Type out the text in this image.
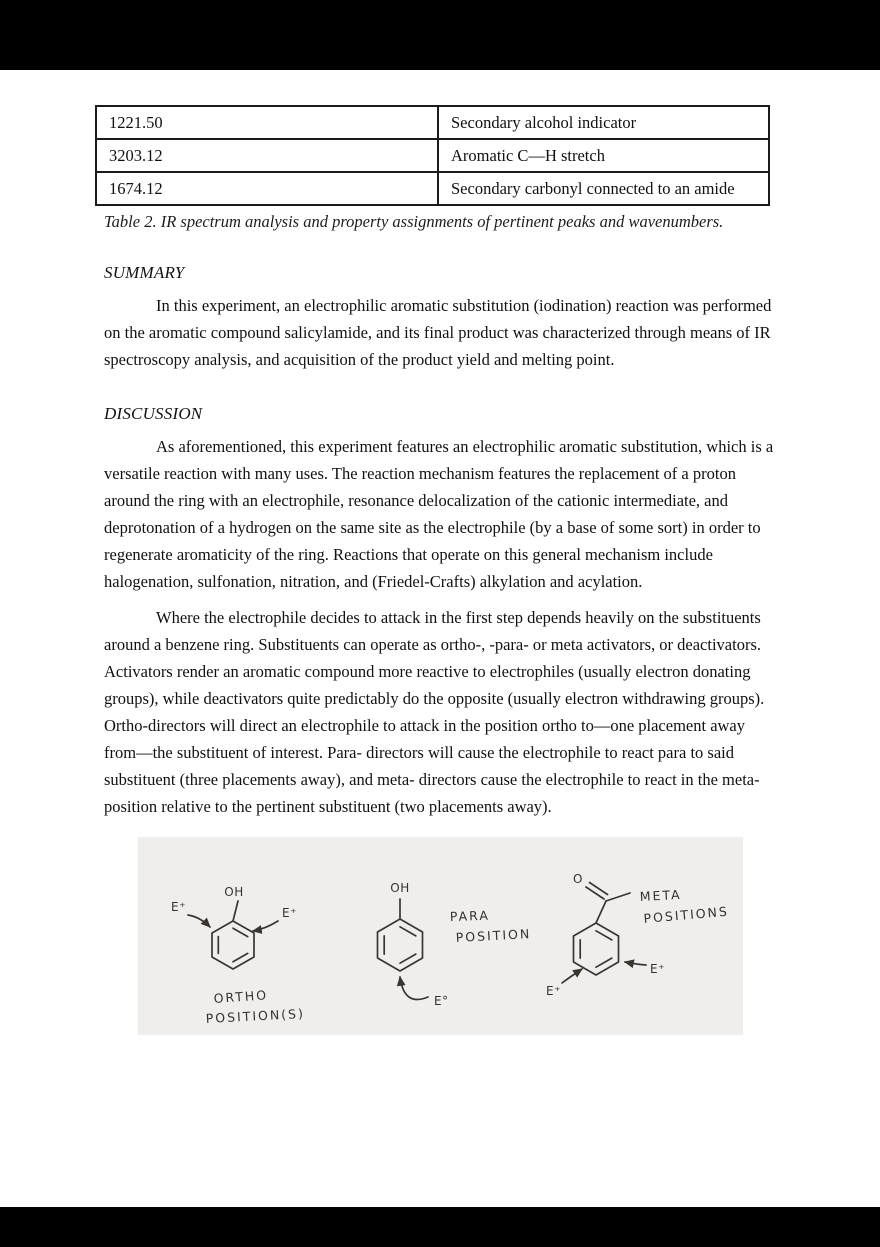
1221.50	Secondary alcohol indicator
3203.12	Aromatic C—H stretch
1674.12	Secondary carbonyl connected to an amide
Table 2. IR spectrum analysis and property assignments of pertinent peaks and wavenumbers.
SUMMARY

In this experiment, an electrophilic aromatic substitution (iodination) reaction was performed on the aromatic compound salicylamide, and its final product was characterized through means of IR spectroscopy analysis, and acquisition of the product yield and melting point.

DISCUSSION

As aforementioned, this experiment features an electrophilic aromatic substitution, which is a versatile reaction with many uses. The reaction mechanism features the replacement of a proton around the ring with an electrophile, resonance delocalization of the cationic intermediate, and deprotonation of a hydrogen on the same site as the electrophile (by a base of some sort) in order to regenerate aromaticity of the ring. Reactions that operate on this general mechanism include halogenation, sulfonation, nitration, and (Friedel-Crafts) alkylation and acylation.

Where the electrophile decides to attack in the first step depends heavily on the substituents around a benzene ring. Substituents can operate as ortho-, -para- or meta activators, or deactivators. Activators render an aromatic compound more reactive to electrophiles (usually electron donating groups), while deactivators quite predictably do the opposite (usually electron withdrawing groups). Ortho-directors will direct an electrophile to attack in the position ortho to—one placement away from—the substituent of interest. Para- directors will cause the electrophile to react para to said substituent (three placements away), and meta- directors cause the electrophile to react in the meta- position relative to the pertinent substituent (two placements away).

OH
E⁺	E⁺
ORTHO
POSITION(S)
OH
PARA
POSITION
E°
O
META
POSITIONS
E⁺
E⁺
